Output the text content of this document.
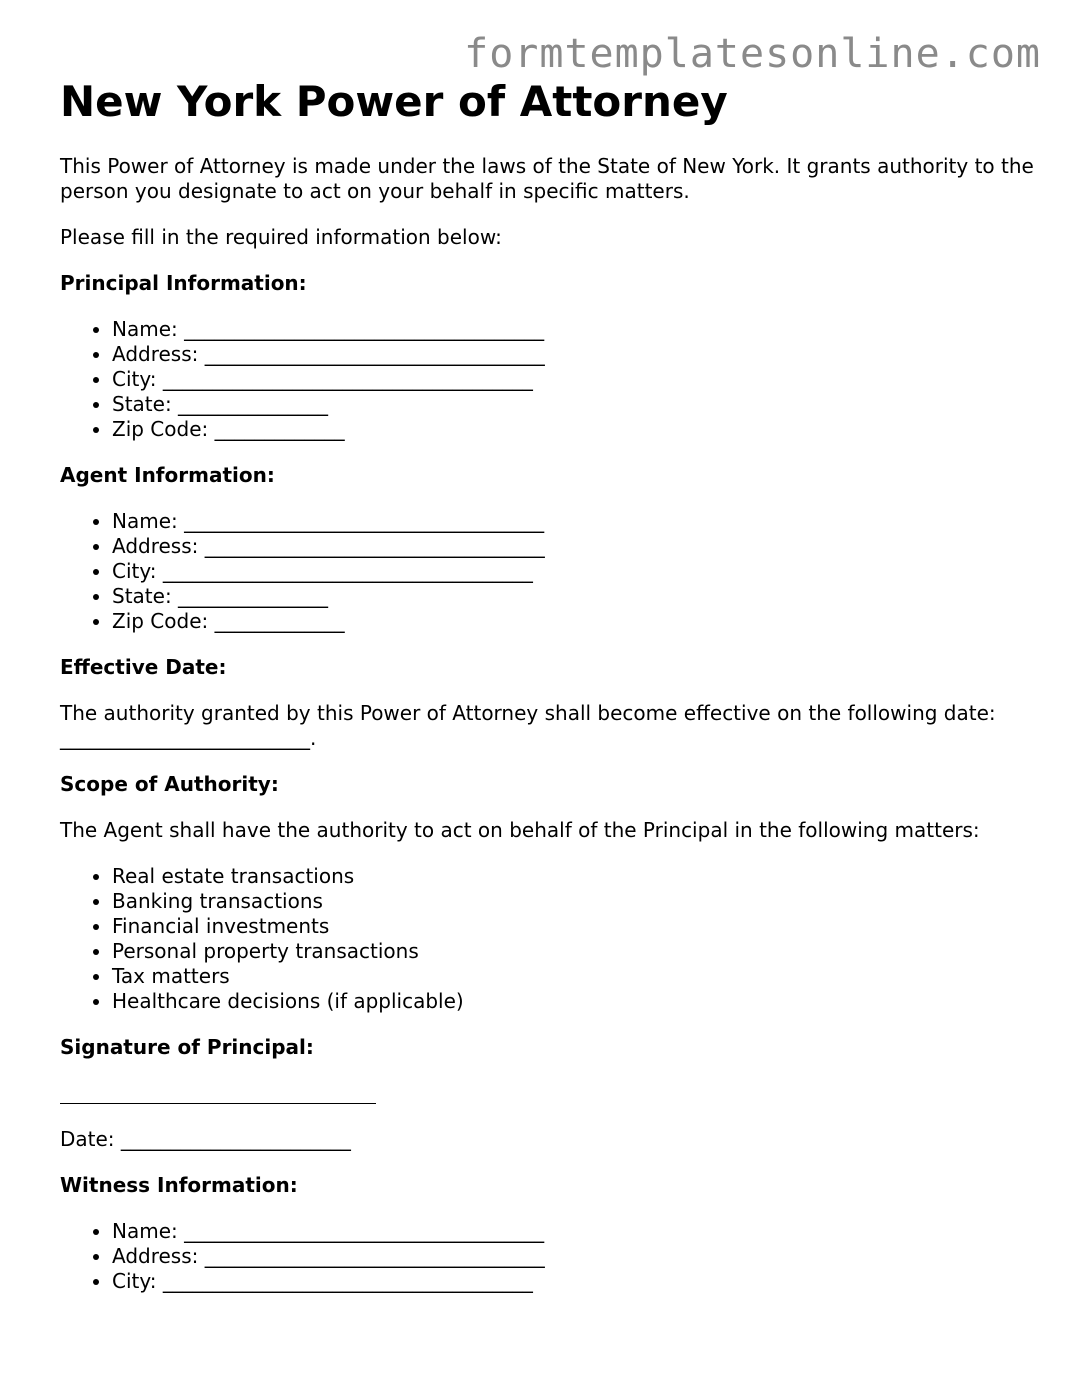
formtemplatesonline.com
New York Power of Attorney

This Power of Attorney is made under the laws of the State of New York. It grants authority to the person you designate to act on your behalf in specific matters.

Please fill in the required information below:

Principal Information:

• Name: ____________________________________
• Address: __________________________________
• City: _____________________________________
• State: _______________
• Zip Code: _____________

Agent Information:

• Name: ____________________________________
• Address: __________________________________
• City: _____________________________________
• State: _______________
• Zip Code: _____________

Effective Date:

The authority granted by this Power of Attorney shall become effective on the following date: _________________________.

Scope of Authority:

The Agent shall have the authority to act on behalf of the Principal in the following matters:

• Real estate transactions
• Banking transactions
• Financial investments
• Personal property transactions
• Tax matters
• Healthcare decisions (if applicable)

Signature of Principal:

Date: _______________________

Witness Information:

• Name: ____________________________________
• Address: __________________________________
• City: _____________________________________
